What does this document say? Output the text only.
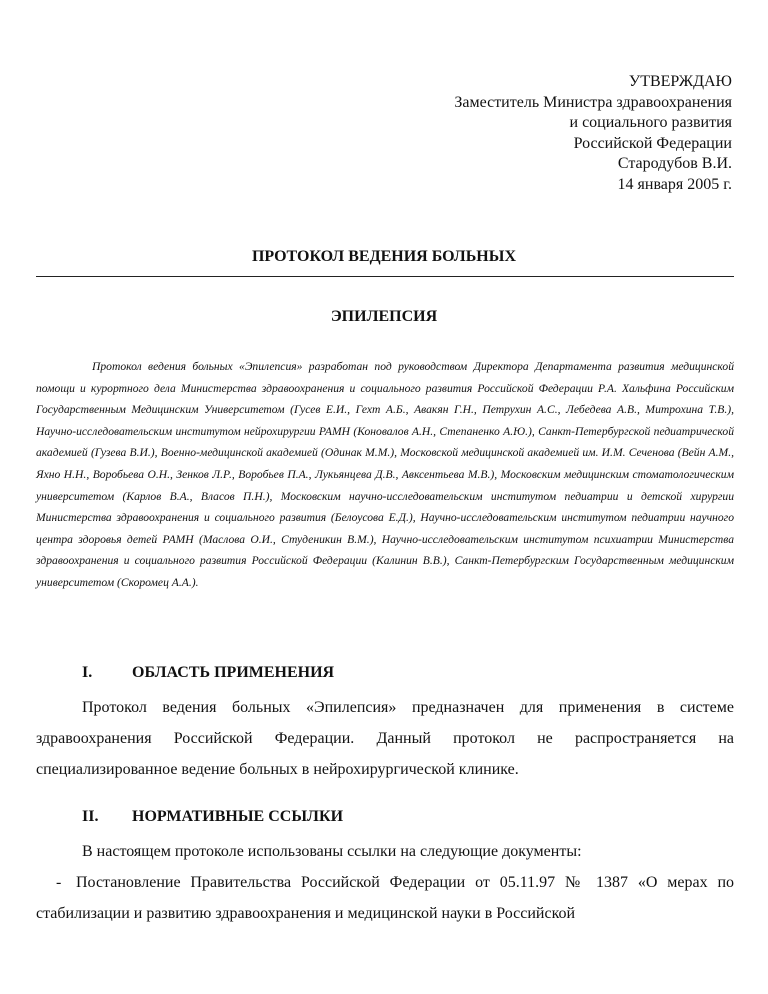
УТВЕРЖДАЮ
Заместитель Министра здравоохранения
и социального развития
Российской Федерации
Стародубов В.И.
14 января 2005 г.
ПРОТОКОЛ ВЕДЕНИЯ БОЛЬНЫХ
ЭПИЛЕПСИЯ

Протокол ведения больных «Эпилепсия» разработан под руководством Директора Департамента развития медицинской помощи и курортного дела Министерства здравоохранения и социального развития Российской Федерации Р.А. Хальфина Российским Государственным Медицинским Университетом (Гусев Е.И., Гехт А.Б., Авакян Г.Н., Петрухин А.С., Лебедева А.В., Митрохина Т.В.), Научно-исследовательским институтом нейрохирургии РАМН (Коновалов А.Н., Степаненко А.Ю.), Санкт-Петербургской педиатрической академией (Гузева В.И.), Военно-медицинской академией (Одинак М.М.), Московской медицинской академией им. И.М. Сеченова (Вейн А.М., Яхно Н.Н., Воробьева О.Н., Зенков Л.Р., Воробьев П.А., Лукьянцева Д.В., Авксентьева М.В.), Московским медицинским стоматологическим университетом (Карлов В.А., Власов П.Н.), Московским научно-исследовательским институтом педиатрии и детской хирургии Министерства здравоохранения и социального развития (Белоусова Е.Д.), Научно-исследовательским институтом педиатрии научного центра здоровья детей РАМН (Маслова О.И., Студеникин В.М.), Научно-исследовательским институтом психиатрии Министерства здравоохранения и социального развития Российской Федерации (Калинин В.В.), Санкт-Петербургским Государственным медицинским университетом (Скоромец А.А.).

I. ОБЛАСТЬ ПРИМЕНЕНИЯ

Протокол ведения больных «Эпилепсия» предназначен для применения в системе здравоохранения Российской Федерации. Данный протокол не распространяется на специализированное ведение больных в нейрохирургической клинике.

II. НОРМАТИВНЫЕ ССЫЛКИ

В настоящем протоколе использованы ссылки на следующие документы:

- Постановление Правительства Российской Федерации от 05.11.97 № 1387 «О мерах по стабилизации и развитию здравоохранения и медицинской науки в Российской
